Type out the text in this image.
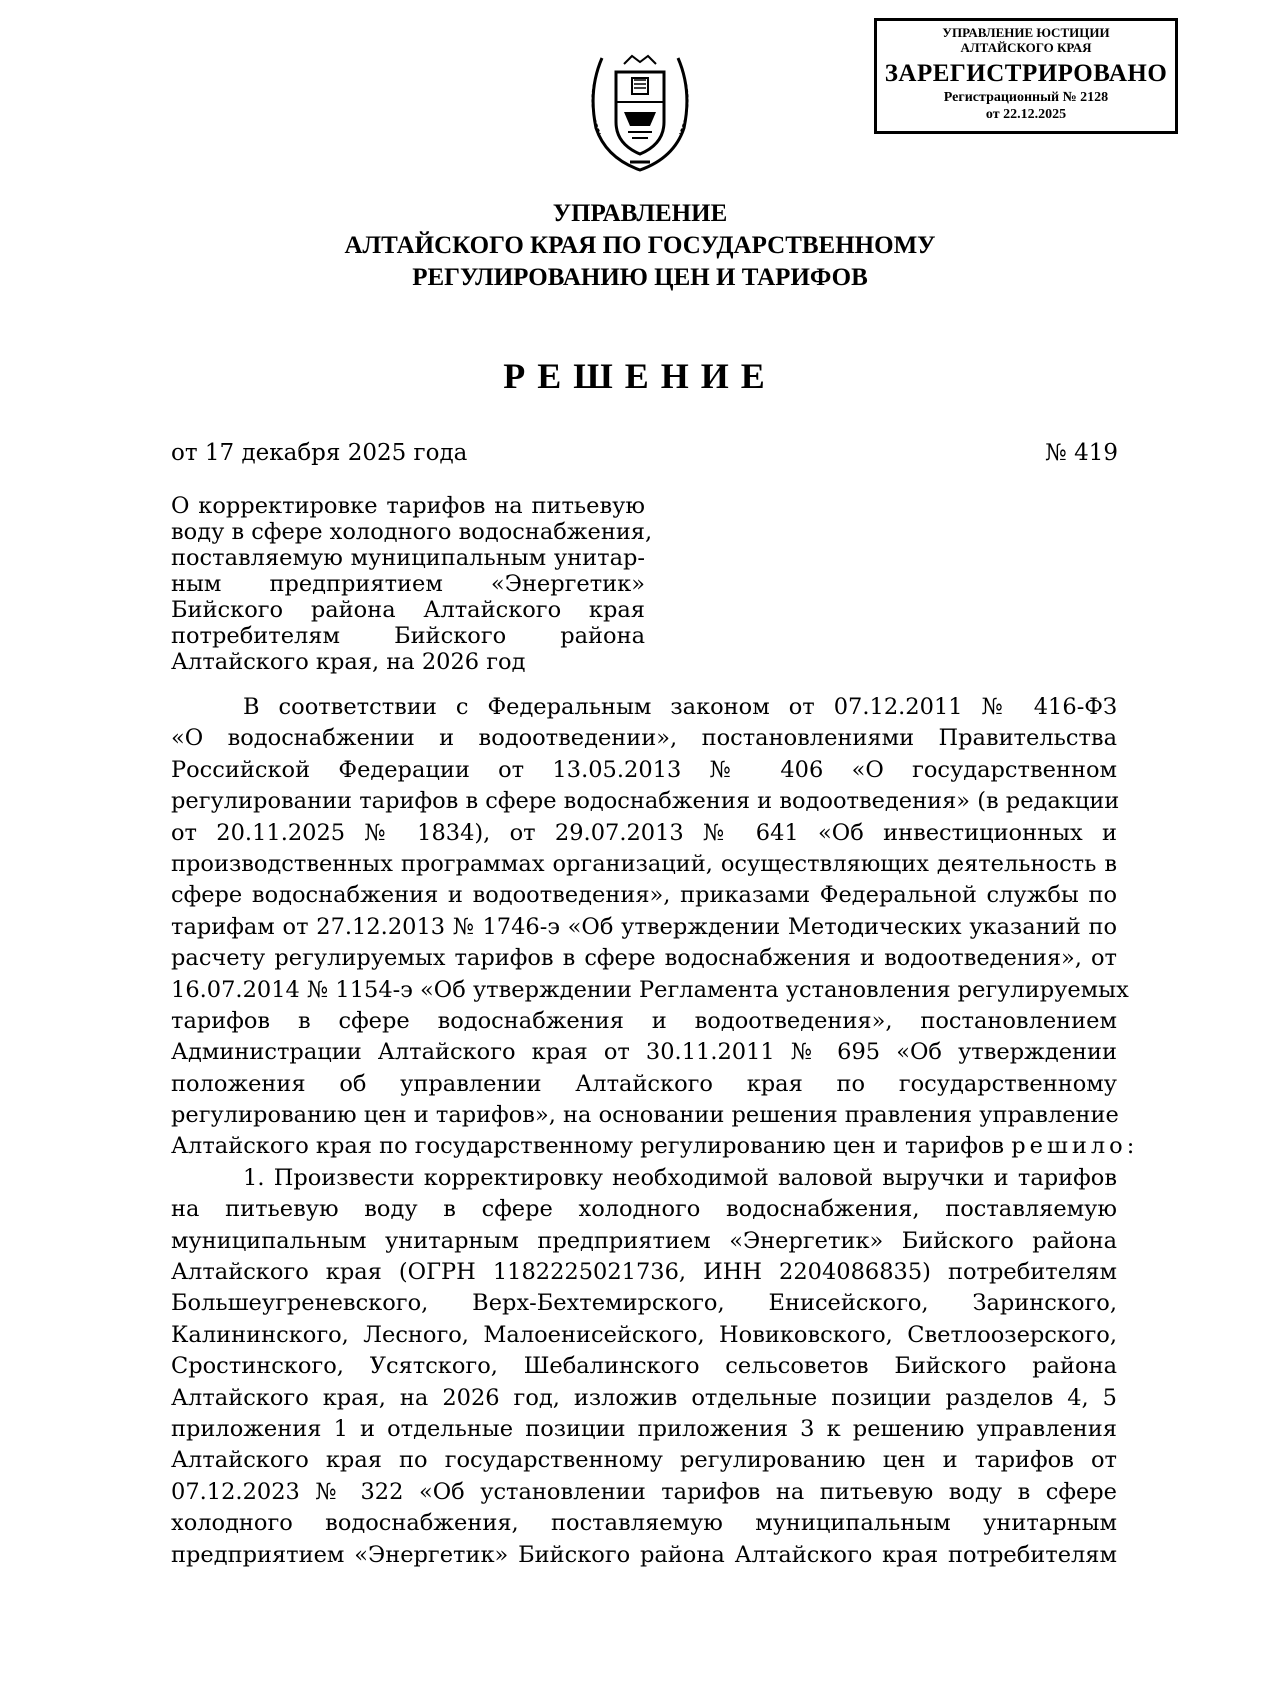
УПРАВЛЕНИЕ ЮСТИЦИИ
АЛТАЙСКОГО КРАЯ
ЗАРЕГИСТРИРОВАНО
Регистрационный № 2128
от 22.12.2025
УПРАВЛЕНИЕ
АЛТАЙСКОГО КРАЯ ПО ГОСУДАРСТВЕННОМУ
РЕГУЛИРОВАНИЮ ЦЕН И ТАРИФОВ
РЕШЕНИЕ
от 17 декабря 2025 года	№ 419
О корректировке тарифов на питьевую
воду в сфере холодного водоснабжения,
поставляемую муниципальным унитар-
ным предприятием «Энергетик»
Бийского района Алтайского края
потребителям Бийского района
Алтайского края, на 2026 год
В соответствии с Федеральным законом от 07.12.2011 № 416-ФЗ
«О водоснабжении и водоотведении», постановлениями Правительства
Российской Федерации от 13.05.2013 № 406 «О государственном
регулировании тарифов в сфере водоснабжения и водоотведения» (в редакции
от 20.11.2025 № 1834), от 29.07.2013 № 641 «Об инвестиционных и
производственных программах организаций, осуществляющих деятельность в
сфере водоснабжения и водоотведения», приказами Федеральной службы по
тарифам от 27.12.2013 № 1746-э «Об утверждении Методических указаний по
расчету регулируемых тарифов в сфере водоснабжения и водоотведения», от
16.07.2014 № 1154-э «Об утверждении Регламента установления регулируемых
тарифов в сфере водоснабжения и водоотведения», постановлением
Администрации Алтайского края от 30.11.2011 № 695 «Об утверждении
положения об управлении Алтайского края по государственному
регулированию цен и тарифов», на основании решения правления управление
Алтайского края по государственному регулированию цен и тарифов решило:
1. Произвести корректировку необходимой валовой выручки и тарифов
на питьевую воду в сфере холодного водоснабжения, поставляемую
муниципальным унитарным предприятием «Энергетик» Бийского района
Алтайского края (ОГРН 1182225021736, ИНН 2204086835) потребителям
Большеугреневского, Верх-Бехтемирского, Енисейского, Заринского,
Калининского, Лесного, Малоенисейского, Новиковского, Светлоозерского,
Сростинского, Усятского, Шебалинского сельсоветов Бийского района
Алтайского края, на 2026 год, изложив отдельные позиции разделов 4, 5
приложения 1 и отдельные позиции приложения 3 к решению управления
Алтайского края по государственному регулированию цен и тарифов от
07.12.2023 № 322 «Об установлении тарифов на питьевую воду в сфере
холодного водоснабжения, поставляемую муниципальным унитарным
предприятием «Энергетик» Бийского района Алтайского края потребителям
